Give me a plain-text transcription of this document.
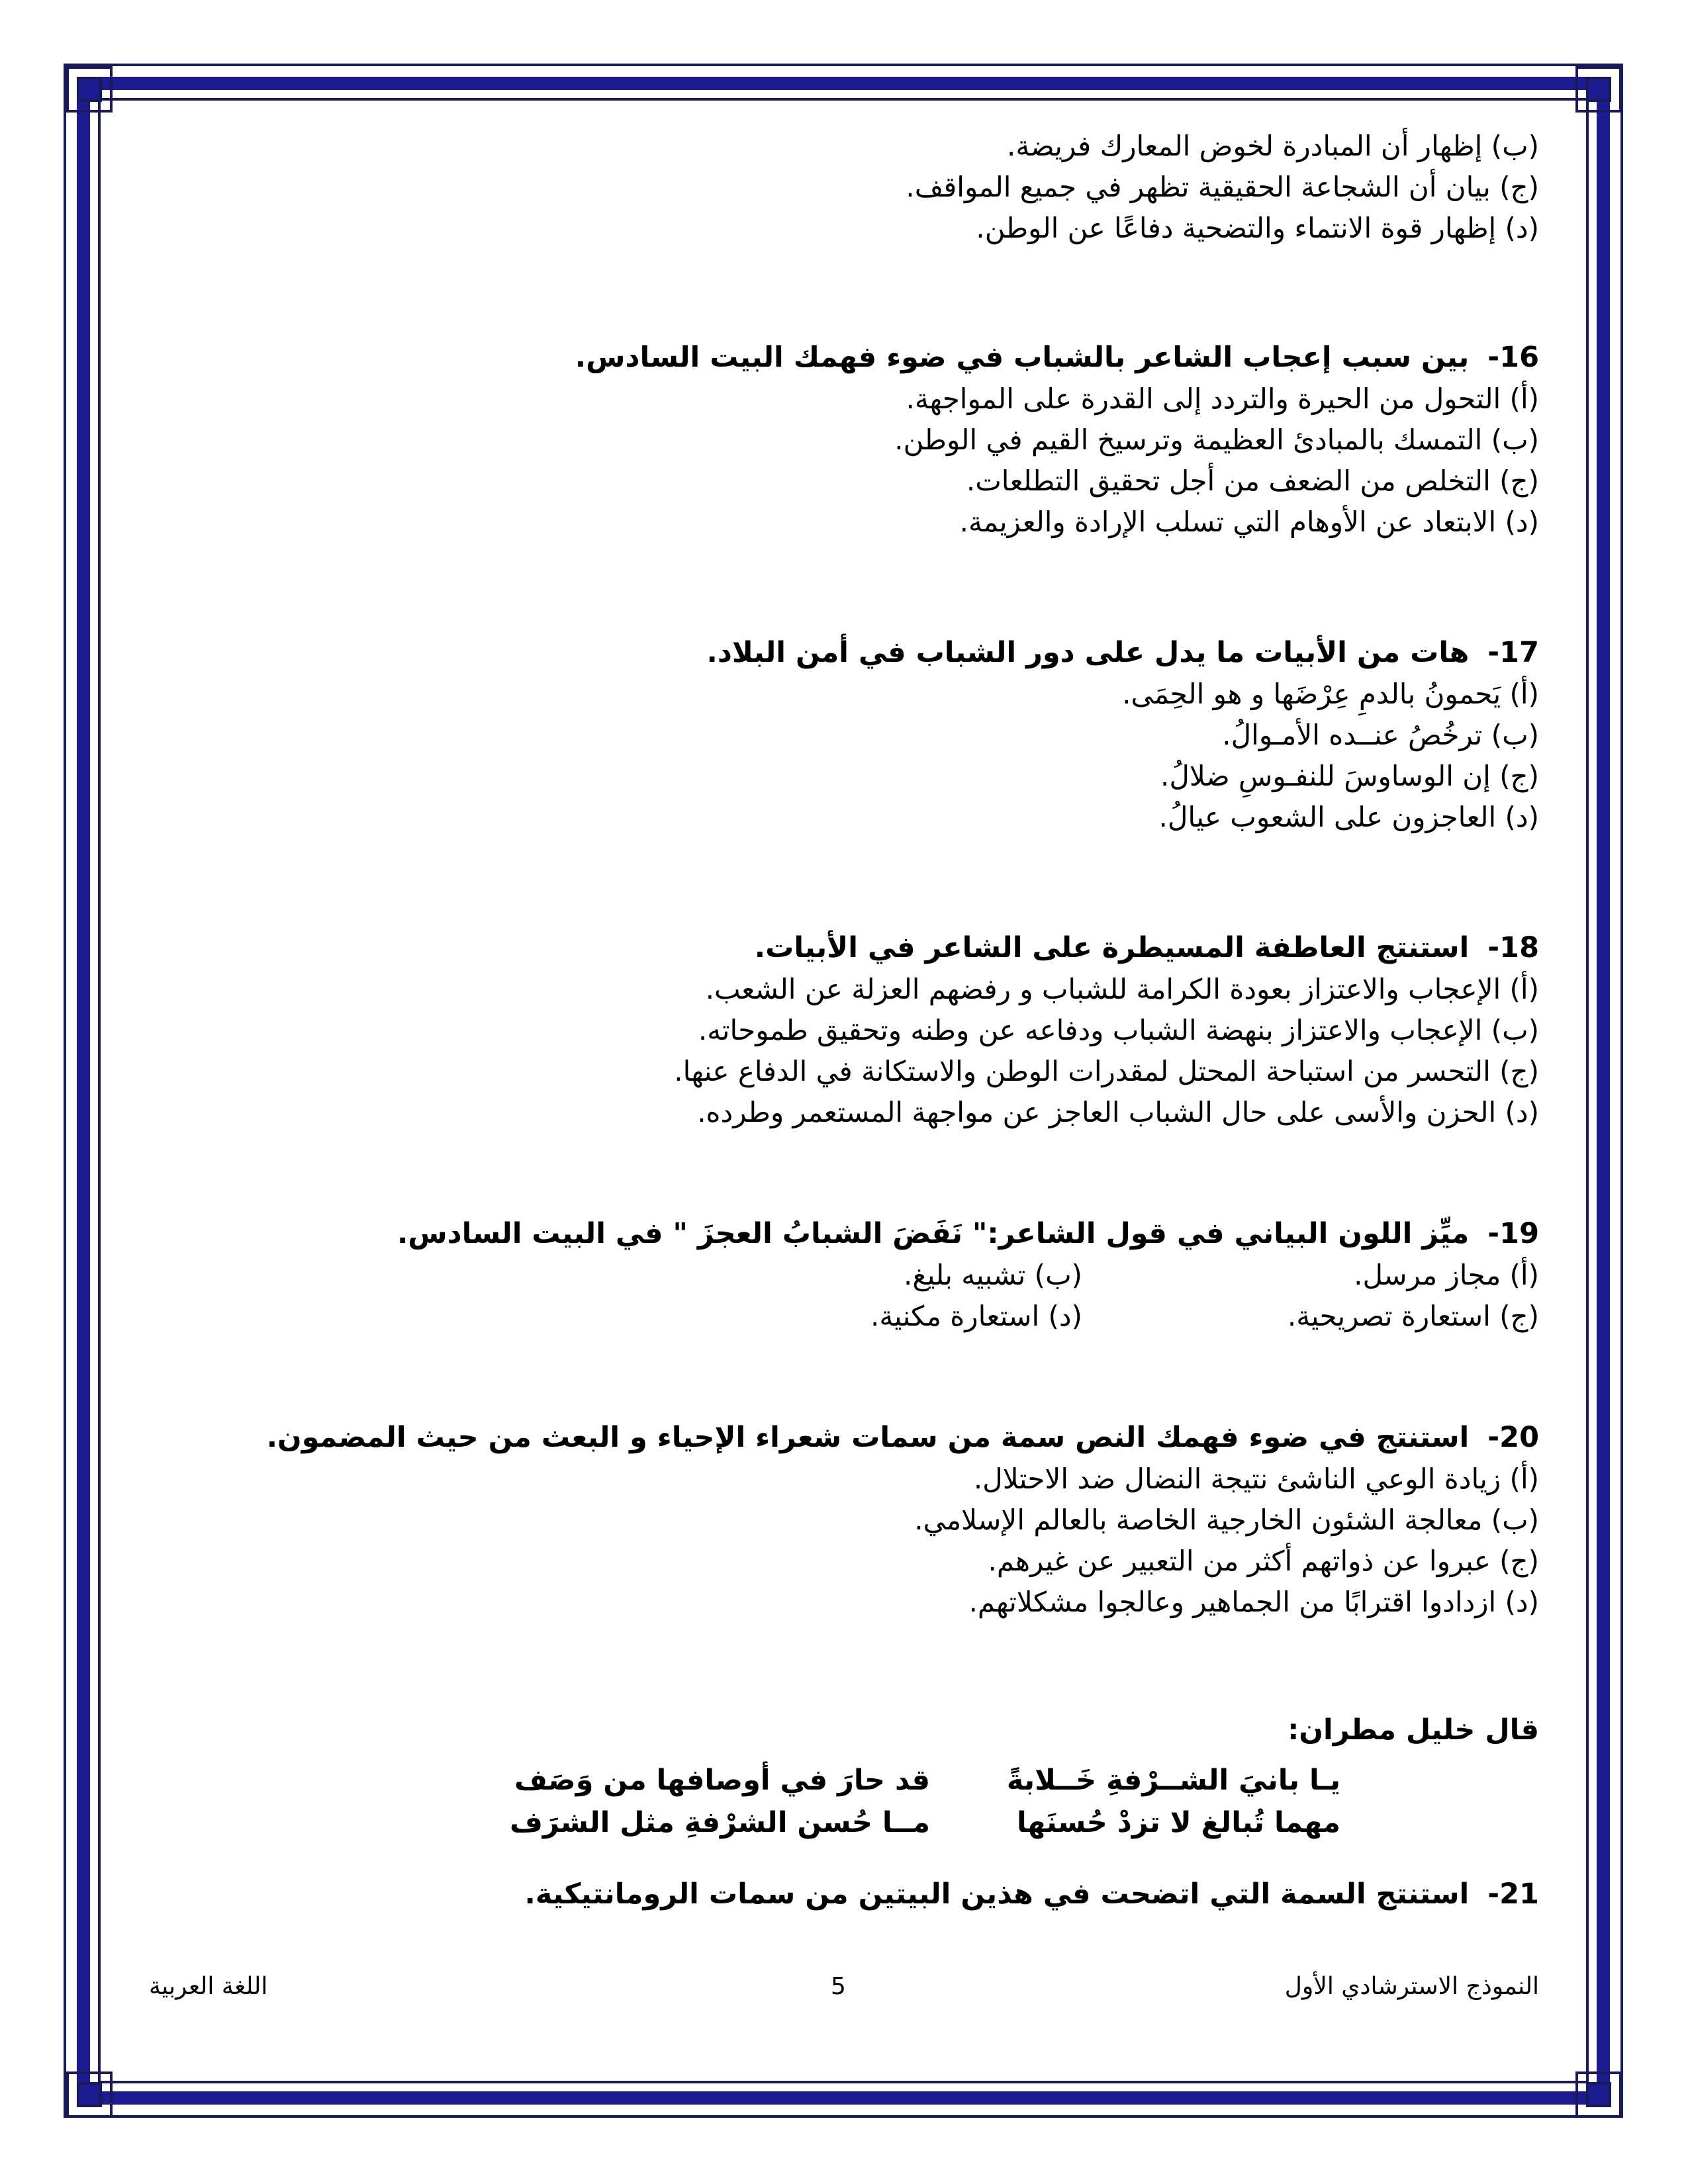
(ب) إظهار أن المبادرة لخوض المعارك فريضة.
(ج) بيان أن الشجاعة الحقيقية تظهر في جميع المواقف.
(د) إظهار قوة الانتماء والتضحية دفاعًا عن الوطن.
16-بين سبب إعجاب الشاعر بالشباب في ضوء فهمك البيت السادس.
(أ) التحول من الحيرة والتردد إلى القدرة على المواجهة.
(ب) التمسك بالمبادئ العظيمة وترسيخ القيم في الوطن.
(ج) التخلص من الضعف من أجل تحقيق التطلعات.
(د) الابتعاد عن الأوهام التي تسلب الإرادة والعزيمة.
17-هات من الأبيات ما يدل على دور الشباب في أمن البلاد.
(أ) يَحمونُ بالدمِ عِرْضَها و هو الحِمَى.
(ب) ترخُصُ عنــده الأمـوالُ.
(ج) إن الوساوسَ للنفـوسِ ضلالُ.
(د) العاجزون على الشعوب عيالُ.
18-استنتج العاطفة المسيطرة على الشاعر في الأبيات.
(أ) الإعجاب والاعتزاز بعودة الكرامة للشباب و رفضهم العزلة عن الشعب.
(ب) الإعجاب والاعتزاز بنهضة الشباب ودفاعه عن وطنه وتحقيق طموحاته.
(ج) التحسر من استباحة المحتل لمقدرات الوطن والاستكانة في الدفاع عنها.
(د) الحزن والأسى على حال الشباب العاجز عن مواجهة المستعمر وطرده.
19-ميِّز اللون البياني في قول الشاعر:" نَفَضَ الشبابُ العجزَ " في البيت السادس.
(أ) مجاز مرسل.
(ب) تشبيه بليغ.
(ج) استعارة تصريحية.
(د) استعارة مكنية.
20-استنتج في ضوء فهمك النص سمة من سمات شعراء الإحياء و البعث من حيث المضمون.
(أ) زيادة الوعي الناشئ نتيجة النضال ضد الاحتلال.
(ب) معالجة الشئون الخارجية الخاصة بالعالم الإسلامي.
(ج) عبروا عن ذواتهم أكثر من التعبير عن غيرهم.
(د) ازدادوا اقترابًا من الجماهير وعالجوا مشكلاتهم.
قال خليل مطران:
يـا بانيَ الشــرْفةِ خَــلابةً
قد حارَ في أوصافها من وَصَف
مهما تُبالغ لا تزدْ حُسنَها
مــا حُسن الشرْفةِ مثل الشرَف
21-استنتج السمة التي اتضحت في هذين البيتين من سمات الرومانتيكية.
النموذج الاسترشادي الأول
5
اللغة العربية
